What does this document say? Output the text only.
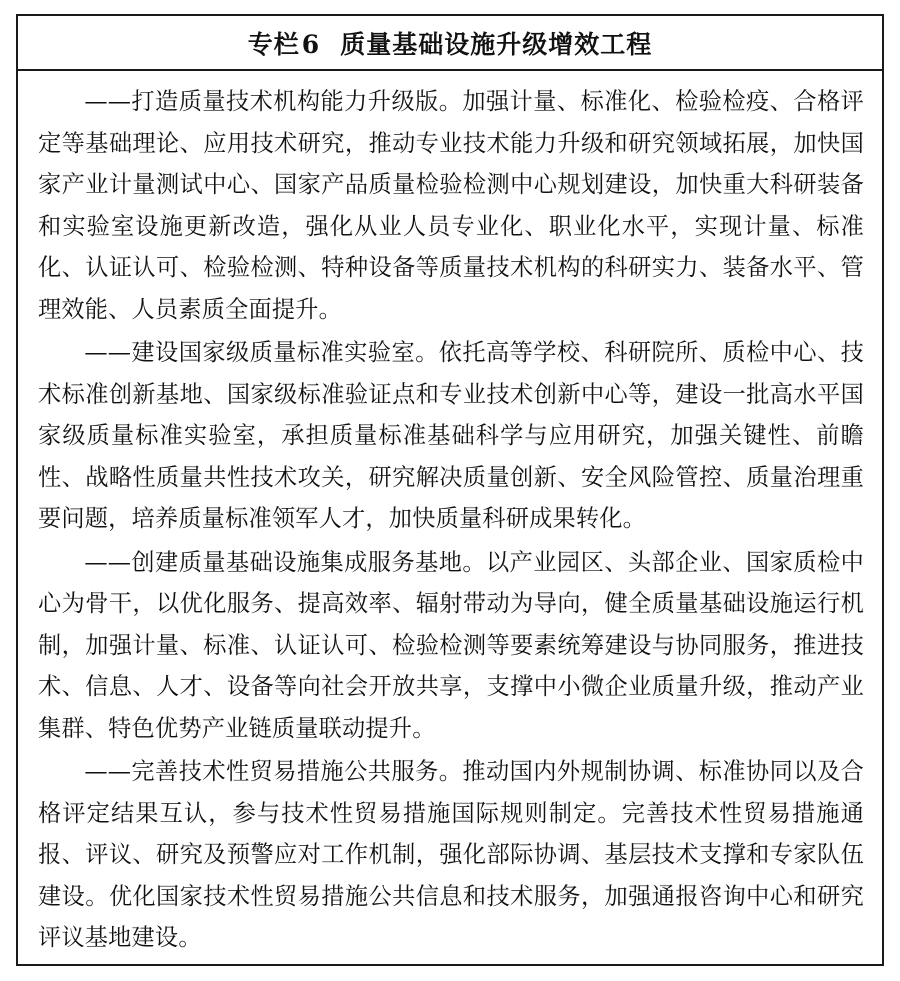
专栏6 质量基础设施升级增效工程

——打造质量技术机构能力升级版。加强计量、标准化、检验检疫、合格评定等基础理论、应用技术研究，推动专业技术能力升级和研究领域拓展，加快国家产业计量测试中心、国家产品质量检验检测中心规划建设，加快重大科研装备和实验室设施更新改造，强化从业人员专业化、职业化水平，实现计量、标准化、认证认可、检验检测、特种设备等质量技术机构的科研实力、装备水平、管理效能、人员素质全面提升。

——建设国家级质量标准实验室。依托高等学校、科研院所、质检中心、技术标准创新基地、国家级标准验证点和专业技术创新中心等，建设一批高水平国家级质量标准实验室，承担质量标准基础科学与应用研究，加强关键性、前瞻性、战略性质量共性技术攻关，研究解决质量创新、安全风险管控、质量治理重要问题，培养质量标准领军人才，加快质量科研成果转化。

——创建质量基础设施集成服务基地。以产业园区、头部企业、国家质检中心为骨干，以优化服务、提高效率、辐射带动为导向，健全质量基础设施运行机制，加强计量、标准、认证认可、检验检测等要素统筹建设与协同服务，推进技术、信息、人才、设备等向社会开放共享，支撑中小微企业质量升级，推动产业集群、特色优势产业链质量联动提升。

——完善技术性贸易措施公共服务。推动国内外规制协调、标准协同以及合格评定结果互认，参与技术性贸易措施国际规则制定。完善技术性贸易措施通报、评议、研究及预警应对工作机制，强化部际协调、基层技术支撑和专家队伍建设。优化国家技术性贸易措施公共信息和技术服务，加强通报咨询中心和研究评议基地建设。
